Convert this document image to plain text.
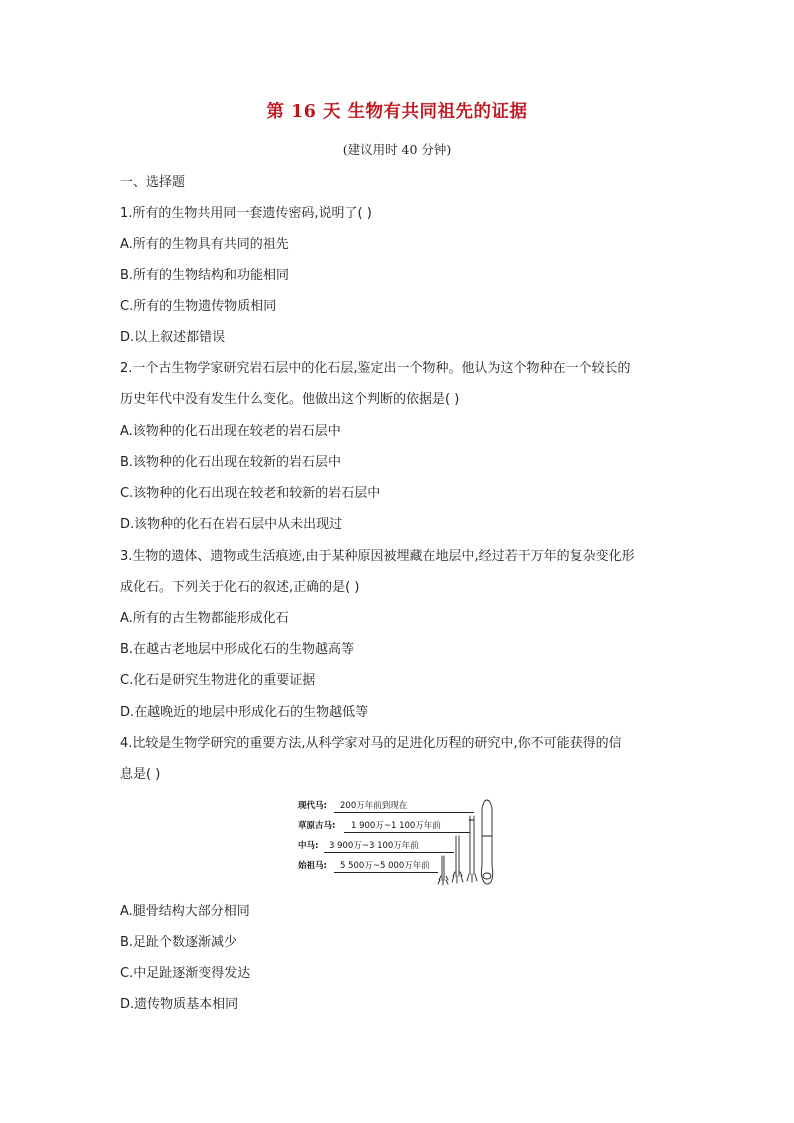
第 16 天 生物有共同祖先的证据
(建议用时 40 分钟)
一、选择题
1.所有的生物共用同一套遗传密码,说明了( )
A.所有的生物具有共同的祖先
B.所有的生物结构和功能相同
C.所有的生物遗传物质相同
D.以上叙述都错误
2.一个古生物学家研究岩石层中的化石层,鉴定出一个物种。他认为这个物种在一个较长的
历史年代中没有发生什么变化。他做出这个判断的依据是( )
A.该物种的化石出现在较老的岩石层中
B.该物种的化石出现在较新的岩石层中
C.该物种的化石出现在较老和较新的岩石层中
D.该物种的化石在岩石层中从未出现过
3.生物的遗体、遗物或生活痕迹,由于某种原因被埋藏在地层中,经过若干万年的复杂变化形
成化石。下列关于化石的叙述,正确的是( )
A.所有的古生物都能形成化石
B.在越古老地层中形成化石的生物越高等
C.化石是研究生物进化的重要证据
D.在越晚近的地层中形成化石的生物越低等
4.比较是生物学研究的重要方法,从科学家对马的足进化历程的研究中,你不可能获得的信
息是( )
现代马: 200万年前到现在
草原古马: 1 900万~1 100万年前
中马: 3 900万~3 100万年前
始祖马: 5 500万~5 000万年前
A.腿骨结构大部分相同
B.足趾个数逐渐减少
C.中足趾逐渐变得发达
D.遗传物质基本相同
